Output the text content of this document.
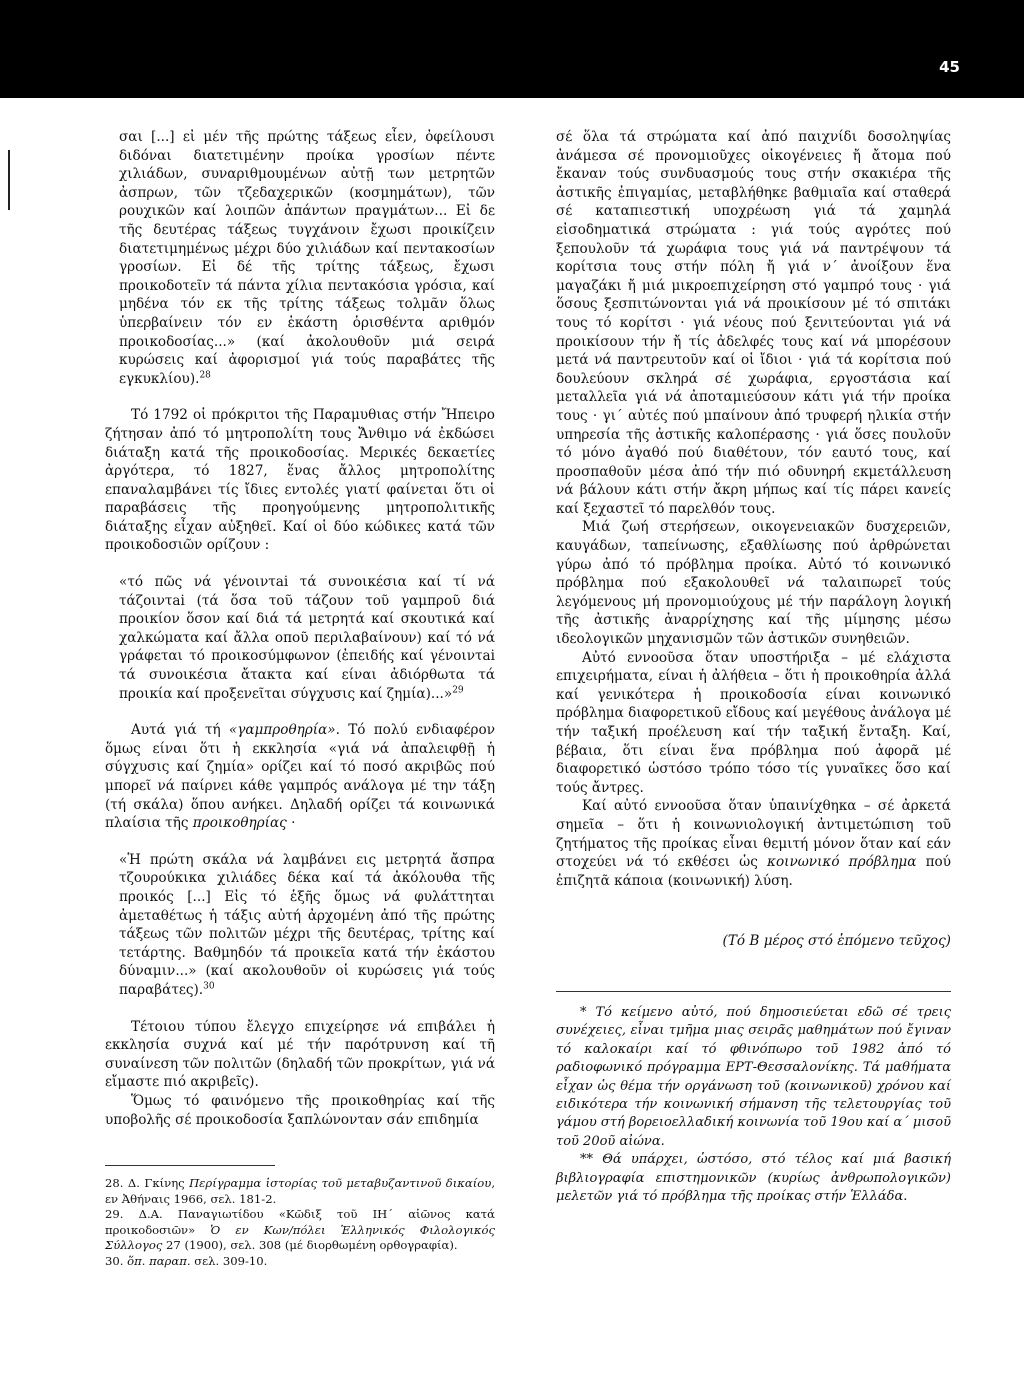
45

σαι [...] εἰ μέν τῆς πρώτης τάξεως εἶεν, ὀφείλουσι διδόναι διατετιμένην προίκα γροσίων πέντε χιλιάδων, συναριθμουμένων αὐτῇ των μετρητῶν ἀσπρων, τῶν τζεδαχερικῶν (κοσμημάτων), τῶν ρουχικῶν καί λοιπῶν ἁπάντων πραγμάτων... Εἰ δε τῆς δευτέρας τάξεως τυγχάνοιν ἔχωσι προικίζειν διατετιμημένως μέχρι δύο χιλιάδων καί πεντακοσίων γροσίων. Εἰ δέ τῆς τρίτης τάξεως, ἔχωσι προικοδοτεῖν τά πάντα χίλια πεντακόσια γρόσια, καί μηδένα τόν εκ τῆς τρίτης τάξεως τολμᾶν ὅλως ὑπερβαίνειν τόν εν ἑκάστη ὁρισθέντα αριθμόν προικοδοσίας...» (καί ἀκολουθοῦν μιά σειρά κυρώσεις καί ἀφορισμοί γιά τούς παραβάτες τῆς εγκυκλίου).$^{28}$

Τό 1792 οἱ πρόκριτοι τῆς Παραμυθιας στήν Ἤπειρο ζήτησαν ἀπό τό μητροπολίτη τους Ἄνθιμο νά ἐκδώσει διάταξη κατά τῆς προικοδοσίας. Μερικές δεκαετίες ἀργότερα, τό 1827, ἕνας ἄλλος μητροπολίτης επαναλαμβάνει τίς ἴδιες εντολές γιατί φαίνεται ὅτι οἱ παραβάσεις τῆς προηγούμενης μητροπολιτικῆς διάταξης εἶχαν αὐξηθεῖ. Καί οἱ δύο κώδικες κατά τῶν προικοδοσιῶν ορίζουν :

«τό πῶς νά γένοιντai τά συνοικέσια καί τί νά τάζοιντai (τά ὅσα τοῦ τάζουν τοῦ γαμπροῦ διά προικίον ὅσον καί διά τά μετρητά καί σκουτικά καί χαλκώματα καί ἄλλα οποῦ περιλαβαίνουν) καί τό νά γράφεται τό προικοσύμφωνον (ἐπειδής καί γένοιντai τά συνοικέσια ἄτακτα καί είναι ἀδιόρθωτα τά προικία καί προξενεῖται σύγχυσις καί ζημία)...»$^{29}$

Αυτά γιά τή «γαμπροθηρία». Τό πολύ ενδιαφέρον ὅμως είναι ὅτι ἡ εκκλησία «γιά νά ἀπαλειφθῇ ἡ σύγχυσις καί ζημία» ορίζει καί τό ποσό ακριβῶς πού μπορεῖ νά παίρνει κάθε γαμπρός ανάλογα μέ την τάξη (τή σκάλα) ὅπου ανήκει. Δηλαδή ορίζει τά κοινωνικά πλαίσια τῆς προικοθηρίας ·

«Ἡ πρώτη σκάλα νά λαμβάνει εις μετρητά ἄσπρα τζουρούκικα χιλιάδες δέκα καί τά ἀκόλουθα τῆς προικός [...] Εἰς τό ἑξῆς ὅμως νά φυλάττηται ἀμεταθέτως ἡ τάξις αὐτή ἀρχομένη ἀπό τῆς πρώτης τάξεως τῶν πολιτῶν μέχρι τῆς δευτέρας, τρίτης καί τετάρτης. Βαθμηδόν τά προικεῖα κατά τήν ἑκάστου δύναμιν...» (καί ακολουθοῦν οἱ κυρώσεις γιά τούς παραβάτες).$^{30}$

Τέτοιου τύπου ἔλεγχο επιχείρησε νά επιβάλει ἡ εκκλησία συχνά καί μέ τήν παρότρυνση καί τῆ συναίνεση τῶν πολιτῶν (δηλαδή τῶν προκρίτων, γιά νά εἴμαστε πιό ακριβεῖς).

Ὅμως τό φαινόμενο τῆς προικοθηρίας καί τῆς υποβολῆς σέ προικοδοσία ξαπλώνονταν σάν επιδημία

28. Δ. Γκίνης Περίγραμμα ἱστορίας τοῦ μεταβυζαντινοῦ δικαίου, εν Ἀθήναις 1966, σελ. 181-2.

29. Δ.Α. Παναγιωτίδου «Κῶδιξ τοῦ ΙΗ΄ αἰῶνος κατά προικοδοσιῶν» Ὁ εν Κων/πόλει Ἑλληνικός Φιλολογικός Σύλλογος 27 (1900), σελ. 308 (μέ διορθωμένη ορθογραφία).

30. ὅπ. παραπ. σελ. 309-10.

σέ ὅλα τά στρώματα καί ἀπό παιχνίδι δοσοληψίας ἀνάμεσα σέ προνομιοῦχες οἰκογένειες ἤ ἄτομα πού ἔκαναν τούς συνδυασμούς τους στήν σκακιέρα τῆς ἀστικῆς ἐπιγαμίας, μεταβλήθηκε βαθμιαῖα καί σταθερά σέ καταπιεστική υποχρέωση γιά τά χαμηλά εἰσοδηματικά στρώματα : γιά τούς αγρότες πού ξεπουλοῦν τά χωράφια τους γιά νά παντρέψουν τά κορίτσια τους στήν πόλη ἤ γιά ν΄ ἀνοίξουν ἕνα μαγαζάκι ἤ μιά μικροεπιχείρηση στό γαμπρό τους · γιά ὅσους ξεσπιτώνονται γιά νά προικίσουν μέ τό σπιτάκι τους τό κορίτσι · γιά νέους πού ξενιτεύονται γιά νά προικίσουν τήν ἤ τίς ἀδελφές τους καί νά μπορέσουν μετά νά παντρευτοῦν καί οἱ ἴδιοι · γιά τά κορίτσια πού δουλεύουν σκληρά σέ χωράφια, εργοστάσια καί μεταλλεῖα γιά νά ἀποταμιεύσουν κάτι γιά τήν προίκα τους · γι΄ αὐτές πού μπαίνουν ἀπό τρυφερή ηλικία στήν υπηρεσία τῆς ἀστικῆς καλοπέρασης · γιά ὅσες πουλοῦν τό μόνο ἀγαθό πού διαθέτουν, τόν εαυτό τους, καί προσπαθοῦν μέσα ἀπό τήν πιό οδυνηρή εκμετάλλευση νά βάλουν κάτι στήν ἄκρη μήπως καί τίς πάρει κανείς καί ξεχαστεῖ τό παρελθόν τους.

Μιά ζωή στερήσεων, οικογενειακῶν δυσχερειῶν, καυγάδων, ταπείνωσης, εξαθλίωσης πού ἀρθρώνεται γύρω ἀπό τό πρόβλημα προίκα. Αὐτό τό κοινωνικό πρόβλημα πού εξακολουθεῖ νά ταλαιπωρεῖ τούς λεγόμενους μή προνομιούχους μέ τήν παράλογη λογική τῆς ἀστικῆς ἀναρρίχησης καί τῆς μίμησης μέσω ιδεολογικῶν μηχανισμῶν τῶν ἀστικῶν συνηθειῶν.

Αὐτό εννοοῦσα ὅταν υποστήριξα – μέ ελάχιστα επιχειρήματα, είναι ἡ ἀλήθεια – ὅτι ἡ προικοθηρία ἀλλά καί γενικότερα ἡ προικοδοσία είναι κοινωνικό πρόβλημα διαφορετικοῦ εἴδους καί μεγέθους ἀνάλογα μέ τήν ταξική προέλευση καί τήν ταξική ἔνταξη. Καί, βέβαια, ὅτι είναι ἕνα πρόβλημα πού ἀφορᾶ μέ διαφορετικό ὡστόσο τρόπο τόσο τίς γυναῖκες ὅσο καί τούς ἄντρες.

Καί αὐτό εννοοῦσα ὅταν ὑπαινίχθηκα – σέ ἀρκετά σημεῖα – ὅτι ἡ κοινωνιολογική ἀντιμετώπιση τοῦ ζητήματος τῆς προίκας εἶναι θεμιτή μόνον ὅταν καί εάν στοχεύει νά τό εκθέσει ὡς κοινωνικό πρόβλημα πού ἐπιζητᾶ κάποια (κοινωνική) λύση.

(Τό Β μέρος στό ἑπόμενο τεῦχος)

* Τό κείμενο αὐτό, πού δημοσιεύεται εδῶ σέ τρεις συνέχειες, εἶναι τμῆμα μιας σειρᾶς μαθημάτων πού ἔγιναν τό καλοκαίρι καί τό φθινόπωρο τοῦ 1982 ἀπό τό ραδιοφωνικό πρόγραμμα ΕΡΤ-Θεσσαλονίκης. Τά μαθήματα εἶχαν ὡς θέμα τήν οργάνωση τοῦ (κοινωνικοῦ) χρόνου καί ειδικότερα τήν κοινωνική σήμανση τῆς τελετουργίας τοῦ γάμου στή βορειοελλαδική κοινωνία τοῦ 19ου καί α΄ μισοῦ τοῦ 20οῦ αἰώνα.

** Θά υπάρχει, ὡστόσο, στό τέλος καί μιά βασική βιβλιογραφία επιστημονικῶν (κυρίως ἀνθρωπολογικῶν) μελετῶν γιά τό πρόβλημα τῆς προίκας στήν Ἑλλάδα.
